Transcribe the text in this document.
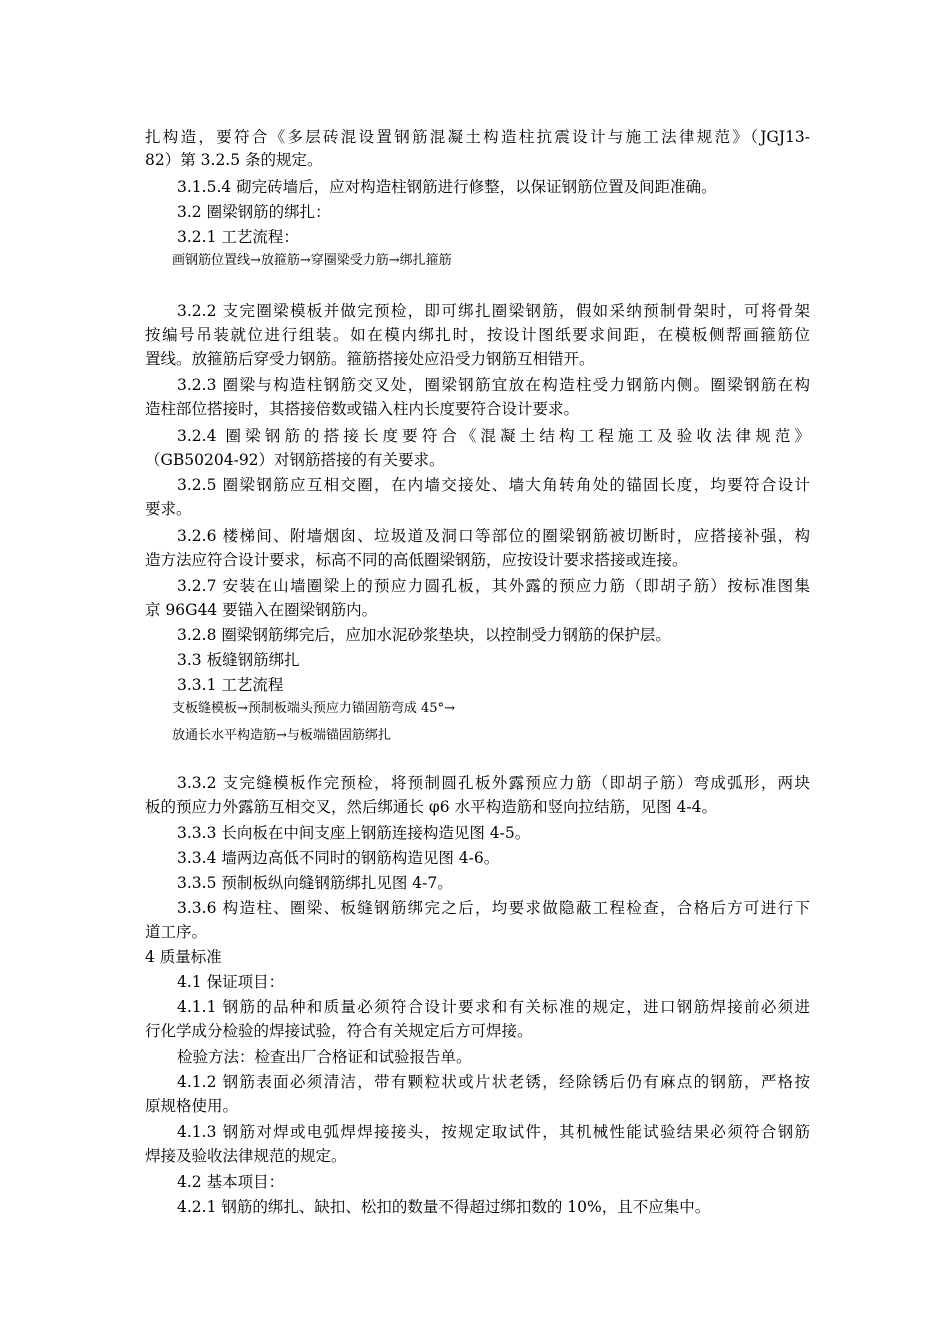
扎构造，要符合《多层砖混设置钢筋混凝土构造柱抗震设计与施工法律规范》（JGJ13-
82）第 3.2.5 条的规定。
3.1.5.4 砌完砖墙后，应对构造柱钢筋进行修整，以保证钢筋位置及间距准确。
3.2 圈梁钢筋的绑扎：
3.2.1 工艺流程：
画钢筋位置线→放箍筋→穿圈梁受力筋→绑扎箍筋
3.2.2 支完圈梁模板并做完预检，即可绑扎圈梁钢筋，假如采纳预制骨架时，可将骨架
按编号吊装就位进行组装。如在模内绑扎时，按设计图纸要求间距，在模板侧帮画箍筋位
置线。放箍筋后穿受力钢筋。箍筋搭接处应沿受力钢筋互相错开。
3.2.3 圈梁与构造柱钢筋交叉处，圈梁钢筋宜放在构造柱受力钢筋内侧。圈梁钢筋在构
造柱部位搭接时，其搭接倍数或锚入柱内长度要符合设计要求。
3.2.4 圈梁钢筋的搭接长度要符合《混凝土结构工程施工及验收法律规范》
（GB50204-92）对钢筋搭接的有关要求。
3.2.5 圈梁钢筋应互相交圈，在内墙交接处、墙大角转角处的锚固长度，均要符合设计
要求。
3.2.6 楼梯间、附墙烟囱、垃圾道及洞口等部位的圈梁钢筋被切断时，应搭接补强，构
造方法应符合设计要求，标高不同的高低圈梁钢筋，应按设计要求搭接或连接。
3.2.7 安装在山墙圈梁上的预应力圆孔板，其外露的预应力筋（即胡子筋）按标准图集
京 96G44 要锚入在圈梁钢筋内。
3.2.8 圈梁钢筋绑完后，应加水泥砂浆垫块，以控制受力钢筋的保护层。
3.3 板缝钢筋绑扎
3.3.1 工艺流程
支板缝模板→预制板端头预应力锚固筋弯成 45°→
放通长水平构造筋→与板端锚固筋绑扎
3.3.2 支完缝模板作完预检，将预制圆孔板外露预应力筋（即胡子筋）弯成弧形，两块
板的预应力外露筋互相交叉，然后绑通长 φ6 水平构造筋和竖向拉结筋，见图 4-4。
3.3.3 长向板在中间支座上钢筋连接构造见图 4-5。
3.3.4 墙两边高低不同时的钢筋构造见图 4-6。
3.3.5 预制板纵向缝钢筋绑扎见图 4-7。
3.3.6 构造柱、圈梁、板缝钢筋绑完之后，均要求做隐蔽工程检查，合格后方可进行下
道工序。
4 质量标准
4.1 保证项目：
4.1.1 钢筋的品种和质量必须符合设计要求和有关标准的规定，进口钢筋焊接前必须进
行化学成分检验的焊接试验，符合有关规定后方可焊接。
检验方法：检查出厂合格证和试验报告单。
4.1.2 钢筋表面必须清洁，带有颗粒状或片状老锈，经除锈后仍有麻点的钢筋，严格按
原规格使用。
4.1.3 钢筋对焊或电弧焊焊接接头，按规定取试件，其机械性能试验结果必须符合钢筋
焊接及验收法律规范的规定。
4.2 基本项目：
4.2.1 钢筋的绑扎、缺扣、松扣的数量不得超过绑扣数的 10%，且不应集中。
